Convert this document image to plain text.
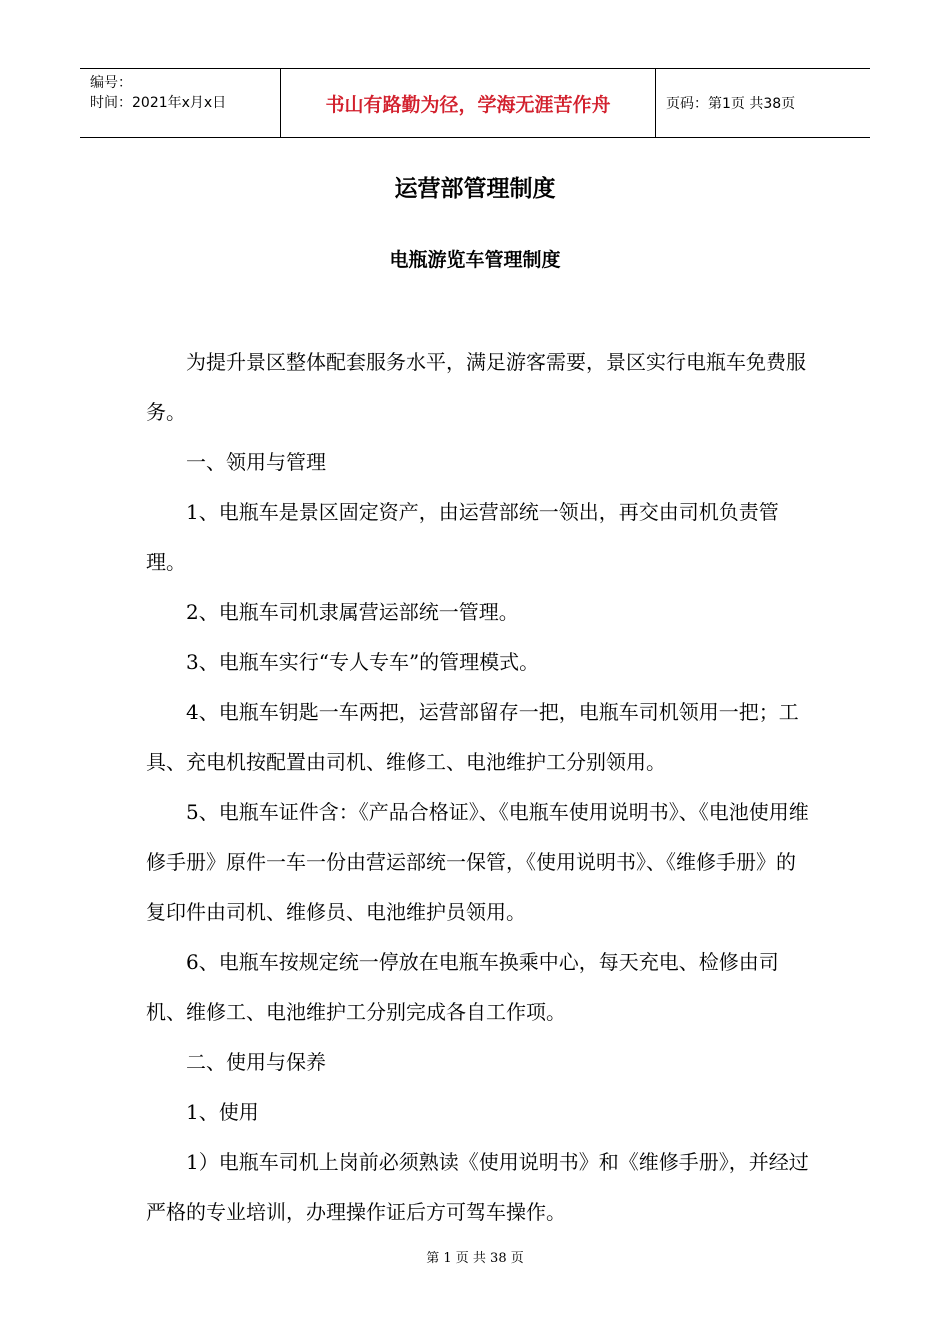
编号：
时间：2021年x月x日	书山有路勤为径，学海无涯苦作舟	页码：第1页 共38页
运营部管理制度
电瓶游览车管理制度

为提升景区整体配套服务水平，满足游客需要，景区实行电瓶车免费服务。

一、领用与管理

1、电瓶车是景区固定资产，由运营部统一领出，再交由司机负责管理。

2、电瓶车司机隶属营运部统一管理。

3、电瓶车实行“专人专车”的管理模式。

4、电瓶车钥匙一车两把，运营部留存一把，电瓶车司机领用一把；工具、充电机按配置由司机、维修工、电池维护工分别领用。

5、电瓶车证件含：《产品合格证》、《电瓶车使用说明书》、《电池使用维修手册》原件一车一份由营运部统一保管，《使用说明书》、《维修手册》的复印件由司机、维修员、电池维护员领用。

6、电瓶车按规定统一停放在电瓶车换乘中心，每天充电、检修由司机、维修工、电池维护工分别完成各自工作项。

二、使用与保养

1、使用

1）电瓶车司机上岗前必须熟读《使用说明书》和《维修手册》，并经过严格的专业培训，办理操作证后方可驾车操作。

第 1 页 共 38 页
